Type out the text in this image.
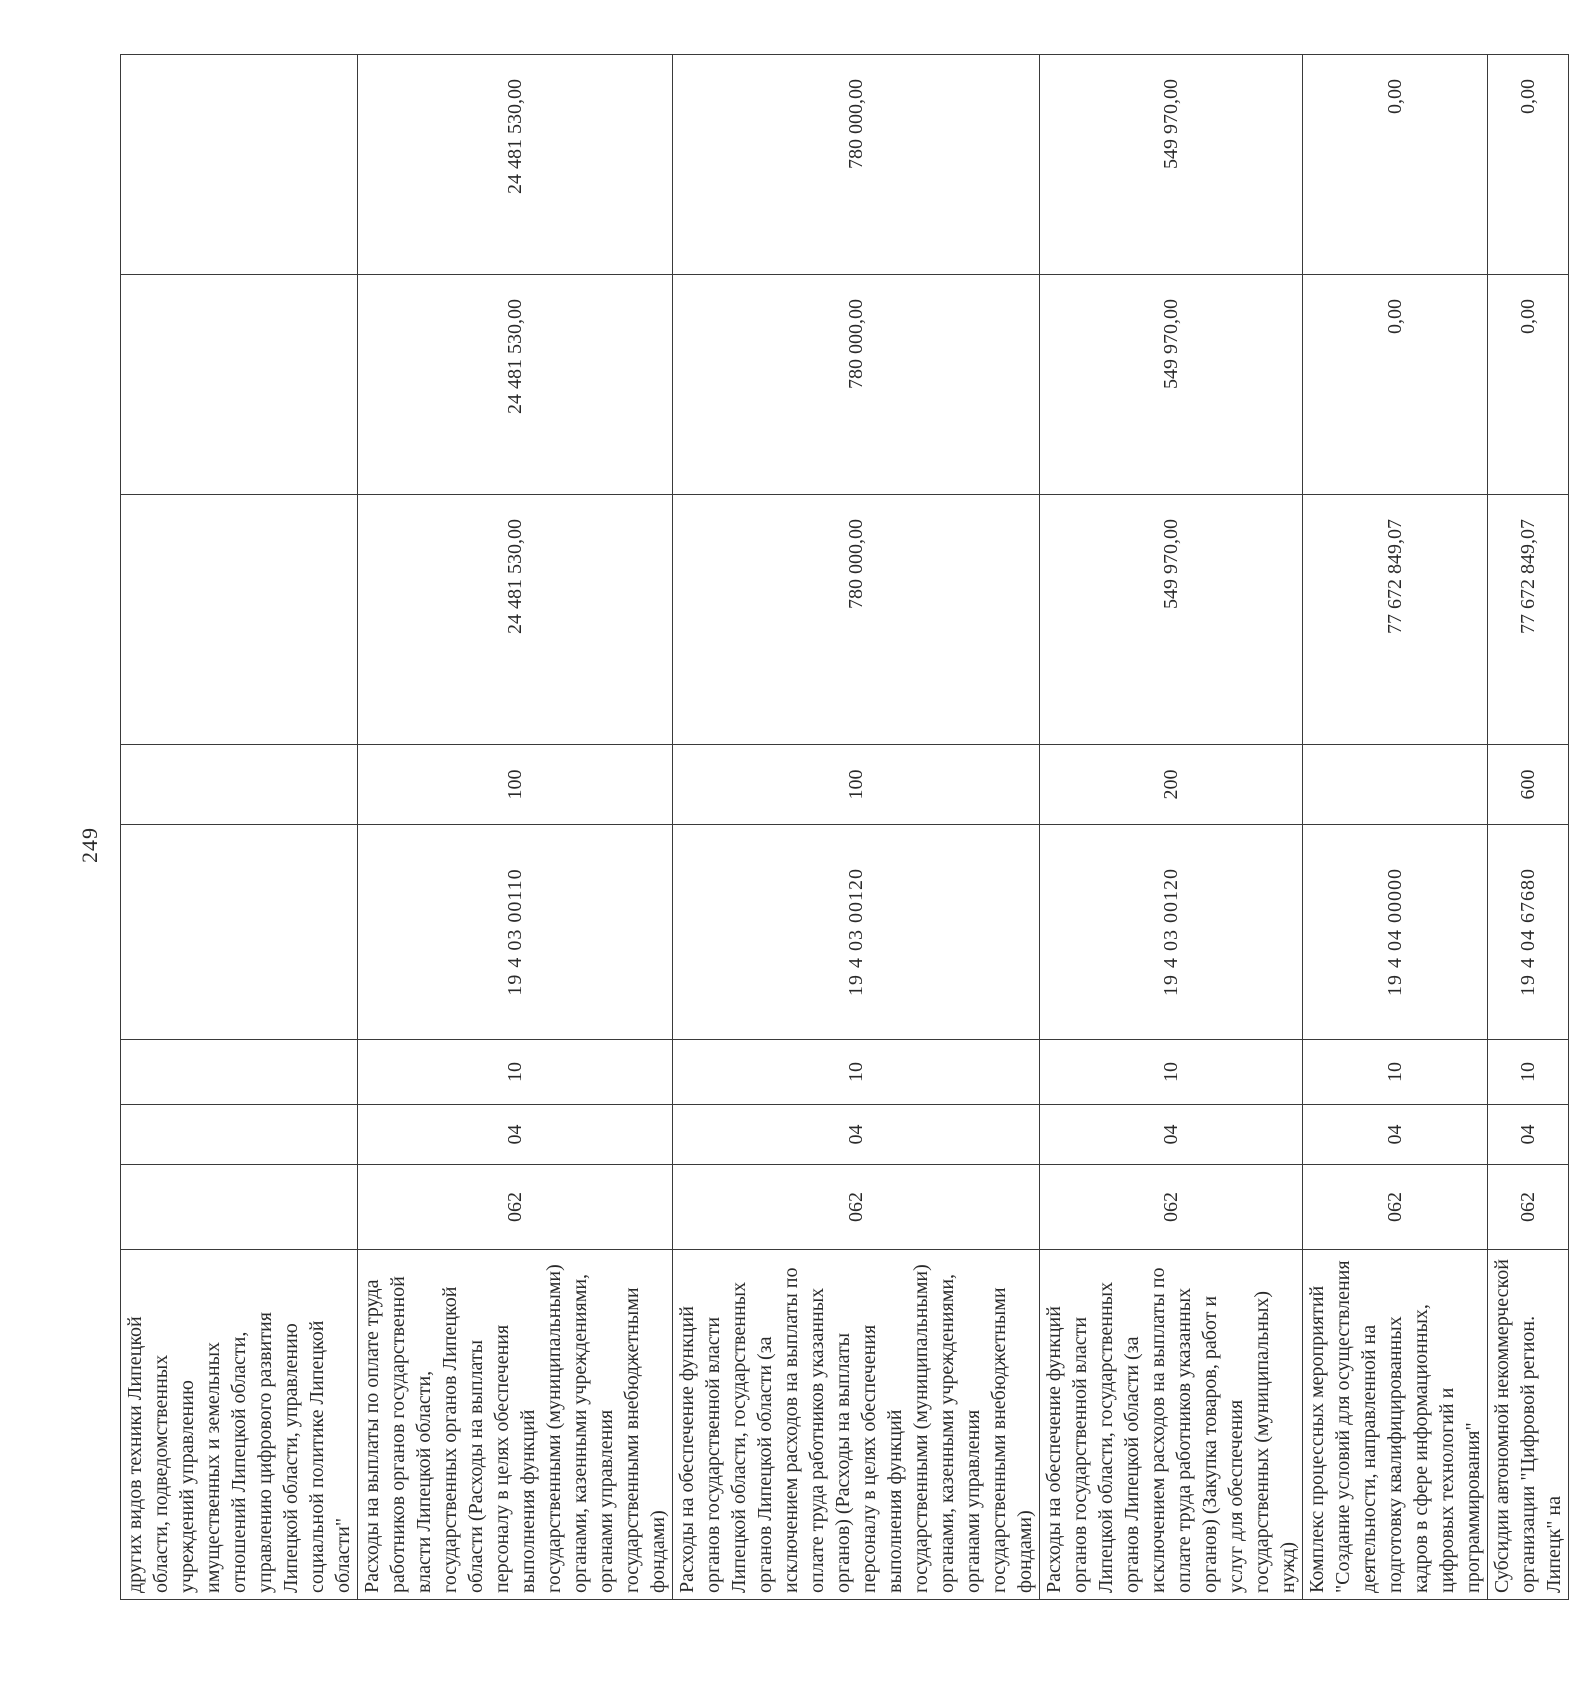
249
других видов техники Липецкой области, подведомственных учреждений управлению имущественных и земельных отношений Липецкой области, управлению цифрового развития Липецкой области, управлению социальной политике Липецкой области"								
Расходы на выплаты по оплате труда работников органов государственной власти Липецкой области, государственных органов Липецкой области (Расходы на выплаты персоналу в целях обеспечения выполнения функций государственными (муниципальными) органами, казенными учреждениями, органами управления государственными внебюджетными фондами)	062	04	10	19 4 03 00110	100	24 481 530,00	24 481 530,00	24 481 530,00
Расходы на обеспечение функций органов государственной власти Липецкой области, государственных органов Липецкой области (за исключением расходов на выплаты по оплате труда работников указанных органов) (Расходы на выплаты персоналу в целях обеспечения выполнения функций государственными (муниципальными) органами, казенными учреждениями, органами управления государственными внебюджетными фондами)	062	04	10	19 4 03 00120	100	780 000,00	780 000,00	780 000,00
Расходы на обеспечение функций органов государственной власти Липецкой области, государственных органов Липецкой области (за исключением расходов на выплаты по оплате труда работников указанных органов) (Закупка товаров, работ и услуг для обеспечения государственных (муниципальных) нужд)	062	04	10	19 4 03 00120	200	549 970,00	549 970,00	549 970,00
Комплекс процессных мероприятий "Создание условий для осуществления деятельности, направленной на подготовку квалифицированных кадров в сфере информационных, цифровых технологий и программирования"	062	04	10	19 4 04 00000		77 672 849,07	0,00	0,00
Субсидии автономной некоммерческой организации "Цифровой регион. Липецк" на	062	04	10	19 4 04 67680	600	77 672 849,07	0,00	0,00
